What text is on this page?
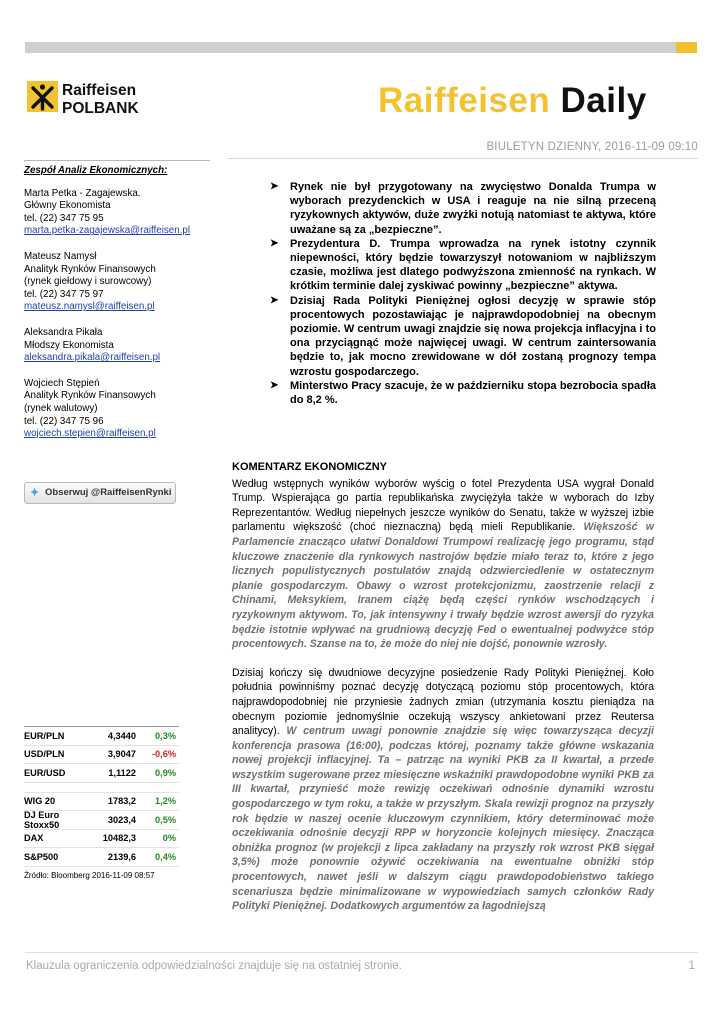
Raiffeisen
POLBANK	Raiffeisen Daily
BIULETYN DZIENNY, 2016-11-09 09:10
Zespół Analiz Ekonomicznych:
Marta Petka - Zagajewska.
Główny Ekonomista
tel. (22) 347 75 95
marta.petka-zagajewska@raiffeisen.pl
Mateusz Namysł
Analityk Rynków Finansowych
(rynek giełdowy i surowcowy)
tel. (22) 347 75 97
mateusz.namysl@raiffeisen.pl
Aleksandra Pikała
Młodszy Ekonomista
aleksandra.pikala@raiffeisen.pl
Wojciech Stępień
Analityk Rynków Finansowych
(rynek walutowy)
tel. (22) 347 75 96
wojciech.stepien@raiffeisen.pl
✦ Obserwuj @RaiffeisenRynki
➤ Rynek nie był przygotowany na zwycięstwo Donalda Trumpa w wyborach prezydenckich w USA i reaguje na nie silną przeceną ryzykownych aktywów, duże zwyżki notują natomiast te aktywa, które uważane są za „bezpieczne”.
➤ Prezydentura D. Trumpa wprowadza na rynek istotny czynnik niepewności, który będzie towarzyszył notowaniom w najbliższym czasie, możliwa jest dlatego podwyższona zmienność na rynkach. W krótkim terminie dalej zyskiwać powinny „bezpieczne” aktywa.
➤ Dzisiaj Rada Polityki Pieniężnej ogłosi decyzję w sprawie stóp procentowych pozostawiając je najprawdopodobniej na obecnym poziomie. W centrum uwagi znajdzie się nowa projekcja inflacyjna i to ona przyciągnąć może najwięcej uwagi. W centrum zaintersowania będzie to, jak mocno zrewidowane w dół zostaną prognozy tempa wzrostu gospodarczego.
➤ Minterstwo Pracy szacuje, że w październiku stopa bezrobocia spadła do 8,2 %.
KOMENTARZ EKONOMICZNY

Według wstępnych wyników wyborów wyścig o fotel Prezydenta USA wygrał Donald Trump. Wspierająca go partia republikańska zwyciężyła także w wyborach do Izby Reprezentantów. Według niepełnych jeszcze wyników do Senatu, także w wyższej izbie parlamentu większość (choć nieznaczną) będą mieli Republikanie. Większość w Parlamencie znacząco ułatwi Donaldowi Trumpowi realizację jego programu, stąd kluczowe znaczenie dla rynkowych nastrojów będzie miało teraz to, które z jego licznych populistycznych postulatów znajdą odzwierciedlenie w ostatecznym planie gospodarczym. Obawy o wzrost protekcjonizmu, zaostrzenie relacji z Chinami, Meksykiem, Iranem ciążę będą części rynków wschodzących i ryzykownym aktywom. To, jak intensywny i trwały będzie wzrost awersji do ryzyka będzie istotnie wpływać na grudniową decyzję Fed o ewentualnej podwyżce stóp procentowych. Szanse na to, że może do niej nie dojść, ponownie wzrosły.

Dzisiaj kończy się dwudniowe decyzyjne posiedzenie Rady Polityki Pieniężnej. Koło południa powinniśmy poznać decyzję dotyczącą poziomu stóp procentowych, która najprawdopodobniej nie przyniesie żadnych zmian (utrzymania kosztu pieniądza na obecnym poziomie jednomyślnie oczekują wszyscy ankietowani przez Reutersa analitycy). W centrum uwagi ponownie znajdzie się więc towarzysząca decyzji konferencja prasowa (16:00), podczas której, poznamy także główne wskazania nowej projekcji inflacyjnej. Ta – patrząc na wyniki PKB za II kwartał, a przede wszystkim sugerowane przez miesięczne wskaźniki prawdopodobne wyniki PKB za III kwartał, przynieść może rewizję oczekiwań odnośnie dynamiki wzrostu gospodarczego w tym roku, a także w przyszłym. Skala rewizji prognoz na przyszły rok będzie w naszej ocenie kluczowym czynnikiem, który determinować może oczekiwania odnośnie decyzji RPP w horyzoncie kolejnych miesięcy. Znacząca obniżka prognoz (w projekcji z lipca zakładany na przyszły rok wzrost PKB sięgał 3,5%) może ponownie ożywić oczekiwania na ewentualne obniżki stóp procentowych, nawet jeśli w dalszym ciągu prawdopodobieństwo takiego scenariusza będzie minimalizowane w wypowiedziach samych członków Rady Polityki Pieniężnej. Dodatkowych argumentów za łagodniejszą

EUR/PLN	4,3440	0,3%
USD/PLN	3,9047	-0,6%
EUR/USD	1,1122	0,9%
WIG 20	1783,2	1,2%
DJ Euro Stoxx50	3023,4	0,5%
DAX	10482,3	0%
S&P500	2139,6	0,4%
Źródło: Bloomberg 2016-11-09 08:57
Klauzula ograniczenia odpowiedzialności znajduje się na ostatniej stronie.	1
